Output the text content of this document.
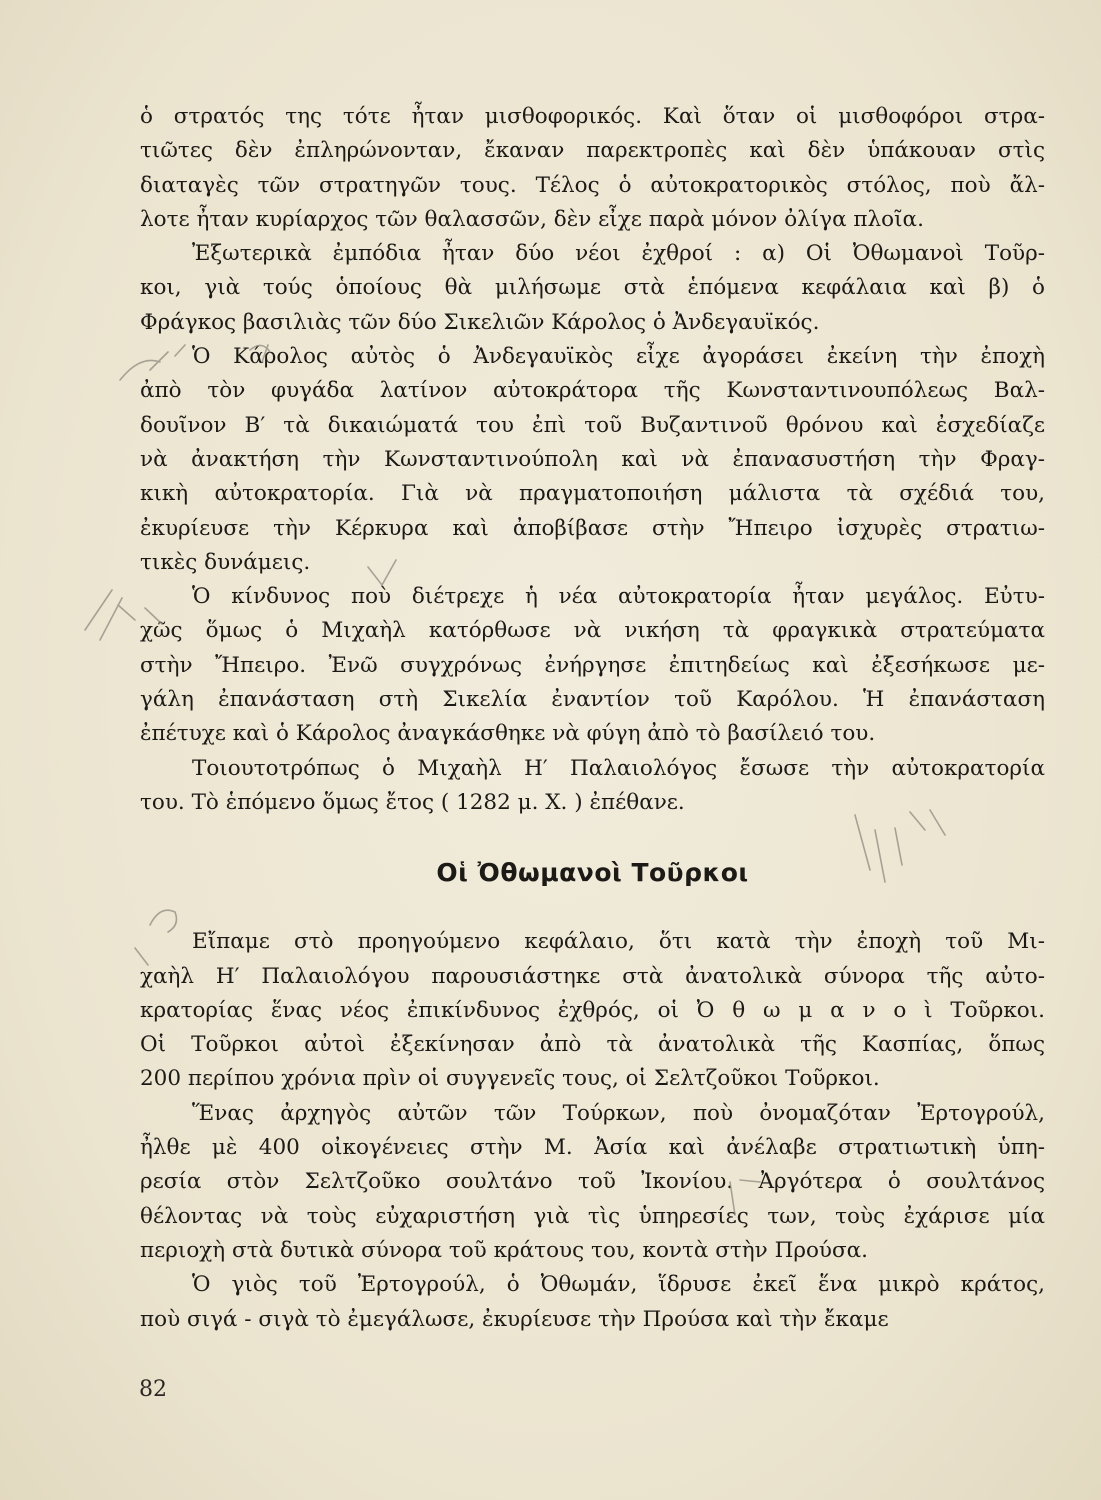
ὁ στρατός της τότε ἦταν μισθοφορικός. Καὶ ὅταν οἱ μισθοφόροι στρα-
τιῶτες δὲν ἐπληρώνονταν, ἔκαναν παρεκτροπὲς καὶ δὲν ὑπάκουαν στὶς
διαταγὲς τῶν στρατηγῶν τους. Τέλος ὁ αὐτοκρατορικὸς στόλος, ποὺ ἄλ-
λοτε ἦταν κυρίαρχος τῶν θαλασσῶν, δὲν εἶχε παρὰ μόνον ὀλίγα πλοῖα.
Ἐξωτερικὰ ἐμπόδια ἦταν δύο νέοι ἐχθροί : α) Οἱ Ὀθωμανοὶ Τοῦρ-
κοι, γιὰ τούς ὁποίους θὰ μιλήσωμε στὰ ἑπόμενα κεφάλαια καὶ β) ὁ
Φράγκος βασιλιὰς τῶν δύο Σικελιῶν Κάρολος ὁ Ἀνδεγαυϊκός.
Ὁ Κάρολος αὐτὸς ὁ Ἀνδεγαυϊκὸς εἶχε ἀγοράσει ἐκείνη τὴν ἐποχὴ
ἀπὸ τὸν φυγάδα λατίνον αὐτοκράτορα τῆς Κωνσταντινουπόλεως Βαλ-
δουῖνον Β′ τὰ δικαιώματά του ἐπὶ τοῦ Βυζαντινοῦ θρόνου καὶ ἐσχεδίαζε
νὰ ἀνακτήση τὴν Κωνσταντινούπολη καὶ νὰ ἐπανασυστήση τὴν Φραγ-
κικὴ αὐτοκρατορία. Γιὰ νὰ πραγματοποιήση μάλιστα τὰ σχέδιά του,
ἐκυρίευσε τὴν Κέρκυρα καὶ ἀποβίβασε στὴν Ἤπειρο ἰσχυρὲς στρατιω-
τικὲς δυνάμεις.
Ὁ κίνδυνος ποὺ διέτρεχε ἡ νέα αὐτοκρατορία ἦταν μεγάλος. Εὐτυ-
χῶς ὅμως ὁ Μιχαὴλ κατόρθωσε νὰ νικήση τὰ φραγκικὰ στρατεύματα
στὴν Ἤπειρο. Ἐνῶ συγχρόνως ἐνήργησε ἐπιτηδείως καὶ ἐξεσήκωσε με-
γάλη ἐπανάσταση στὴ Σικελία ἐναντίον τοῦ Καρόλου. Ἡ ἐπανάσταση
ἐπέτυχε καὶ ὁ Κάρολος ἀναγκάσθηκε νὰ φύγη ἀπὸ τὸ βασίλειό του.
Τοιουτοτρόπως ὁ Μιχαὴλ Η′ Παλαιολόγος ἔσωσε τὴν αὐτοκρατορία
του. Τὸ ἑπόμενο ὅμως ἔτος ( 1282 μ. Χ. ) ἐπέθανε.
Οἱ Ὀθωμανοὶ Τοῦρκοι
Εἴπαμε στὸ προηγούμενο κεφάλαιο, ὅτι κατὰ τὴν ἐποχὴ τοῦ Μι-
χαὴλ Η′ Παλαιολόγου παρουσιάστηκε στὰ ἀνατολικὰ σύνορα τῆς αὐτο-
κρατορίας ἕνας νέος ἐπικίνδυνος ἐχθρός, οἱ Ὀ θ ω μ α ν ο ὶ Τοῦρκοι.
Οἱ Τοῦρκοι αὐτοὶ ἐξεκίνησαν ἀπὸ τὰ ἀνατολικὰ τῆς Κασπίας, ὅπως
200 περίπου χρόνια πρὶν οἱ συγγενεῖς τους, οἱ Σελτζοῦκοι Τοῦρκοι.
Ἕνας ἀρχηγὸς αὐτῶν τῶν Τούρκων, ποὺ ὀνομαζόταν Ἐρτογρούλ,
ἦλθε μὲ 400 οἰκογένειες στὴν Μ. Ἀσία καὶ ἀνέλαβε στρατιωτικὴ ὑπη-
ρεσία στὸν Σελτζοῦκο σουλτάνο τοῦ Ἰκονίου. Ἀργότερα ὁ σουλτάνος
θέλοντας νὰ τοὺς εὐχαριστήση γιὰ τὶς ὑπηρεσίες των, τοὺς ἐχάρισε μία
περιοχὴ στὰ δυτικὰ σύνορα τοῦ κράτους του, κοντὰ στὴν Προύσα.
Ὁ γιὸς τοῦ Ἐρτογρούλ, ὁ Ὀθωμάν, ἵδρυσε ἐκεῖ ἕνα μικρὸ κράτος,
ποὺ σιγά - σιγὰ τὸ ἐμεγάλωσε, ἐκυρίευσε τὴν Προύσα καὶ τὴν ἔκαμε
82
